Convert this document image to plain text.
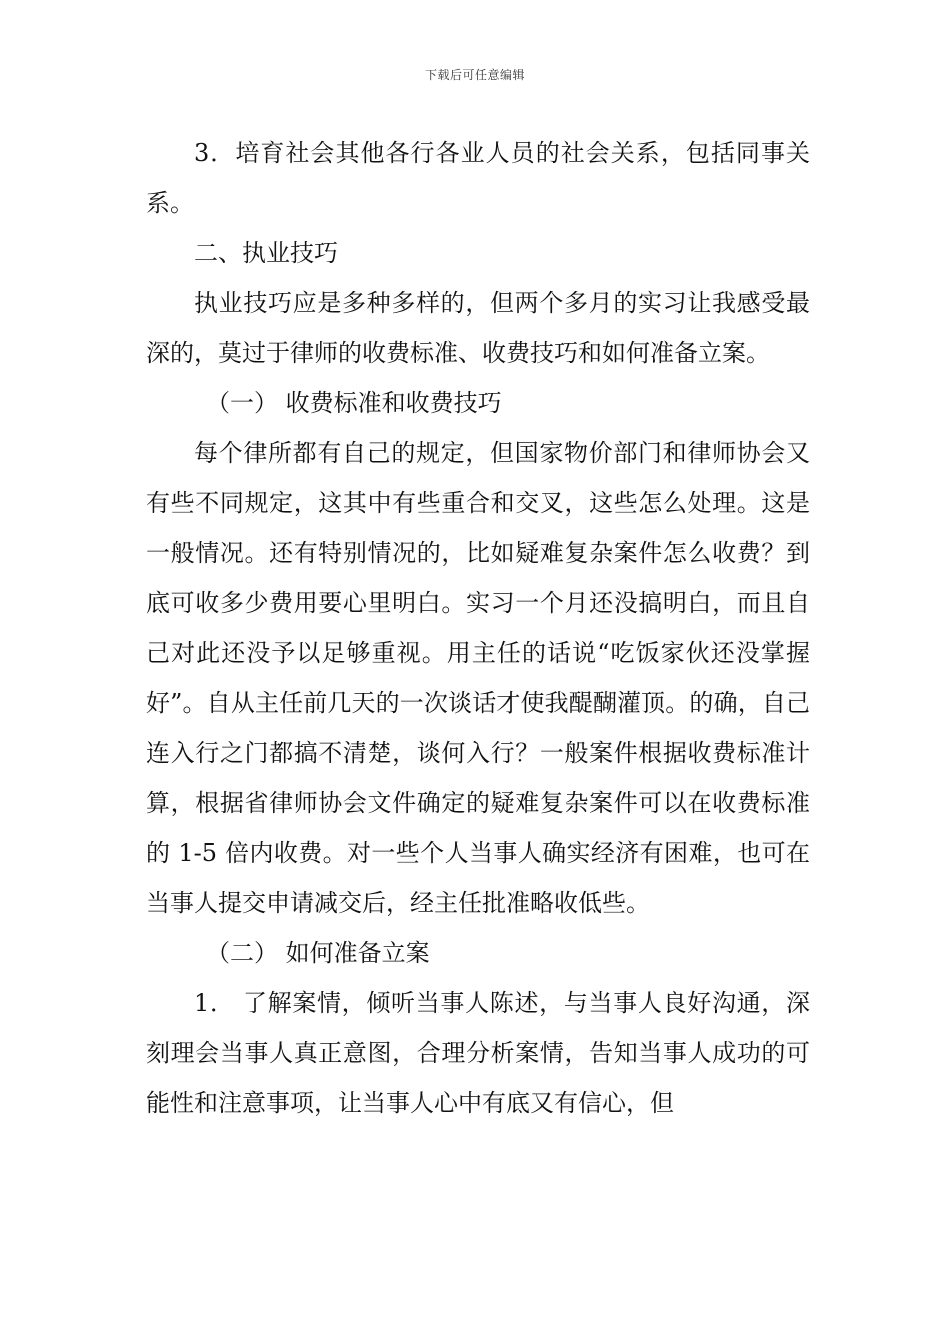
下载后可任意编辑

3．培育社会其他各行各业人员的社会关系，包括同事关系。

二、执业技巧

执业技巧应是多种多样的，但两个多月的实习让我感受最深的，莫过于律师的收费标准、收费技巧和如何准备立案。

（一） 收费标准和收费技巧

每个律所都有自己的规定，但国家物价部门和律师协会又有些不同规定，这其中有些重合和交叉，这些怎么处理。这是一般情况。还有特别情况的，比如疑难复杂案件怎么收费？到底可收多少费用要心里明白。实习一个月还没搞明白，而且自己对此还没予以足够重视。用主任的话说“吃饭家伙还没掌握好”。自从主任前几天的一次谈话才使我醍醐灌顶。的确，自己连入行之门都搞不清楚，谈何入行？一般案件根据收费标准计算，根据省律师协会文件确定的疑难复杂案件可以在收费标准的 1-5 倍内收费。对一些个人当事人确实经济有困难，也可在当事人提交申请减交后，经主任批准略收低些。

（二） 如何准备立案

1． 了解案情，倾听当事人陈述，与当事人良好沟通，深刻理会当事人真正意图，合理分析案情，告知当事人成功的可能性和注意事项，让当事人心中有底又有信心，但
